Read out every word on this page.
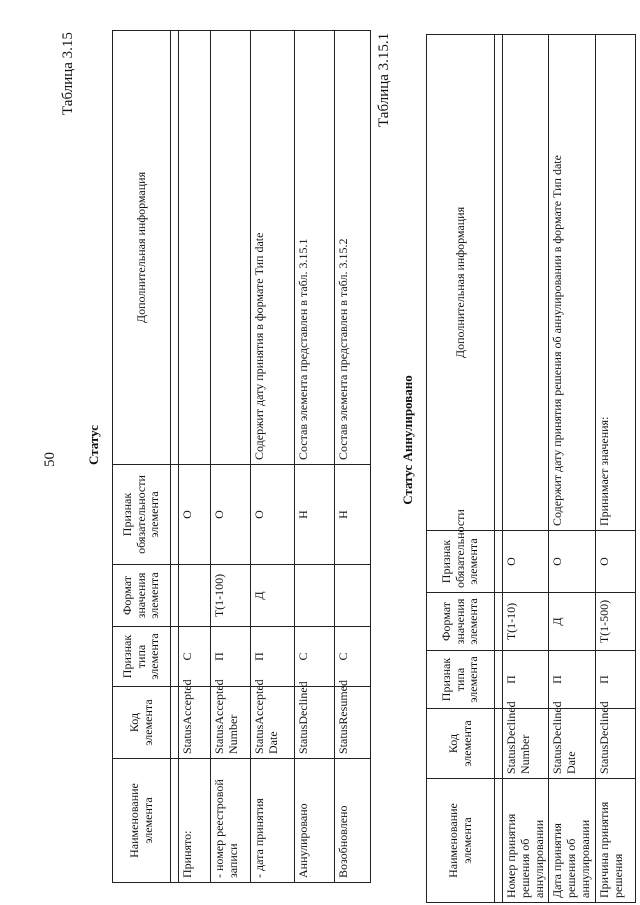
50
Таблица 3.15
Статус
Наименование элемента	Код элемента	Признак типа элемента	Формат значения элемента	Признак обязательности элемента	Дополнительная информация

Принято:	StatusAccepted	С		О	
- номер реестровой записи	StatusAccepted Number	П	T(1-100)	О	
- дата принятия	StatusAccepted Date	П	Д	О	Содержит дату принятия в формате Тип date
Аннулировано	StatusDeclined	С		Н	Состав элемента представлен в табл. 3.15.1
Возобновлено	StatusResumed	С		Н	Состав элемента представлен в табл. 3.15.2
Таблица 3.15.1
Статус Аннулировано
Наименование элемента	Код элемента	Признак типа элемента	Формат значения элемента	Признак обязательности элемента	Дополнительная информация

Номер принятия решения об аннулировании	StatusDeclined Number	П	T(1-10)	О	
Дата принятия решения об аннулировании	StatusDeclined Date	П	Д	О	Содержит дату принятия решения об аннулировании в формате Тип date
Причина принятия решения	StatusDeclined	П	T(1-500)	О	Принимает значения:
